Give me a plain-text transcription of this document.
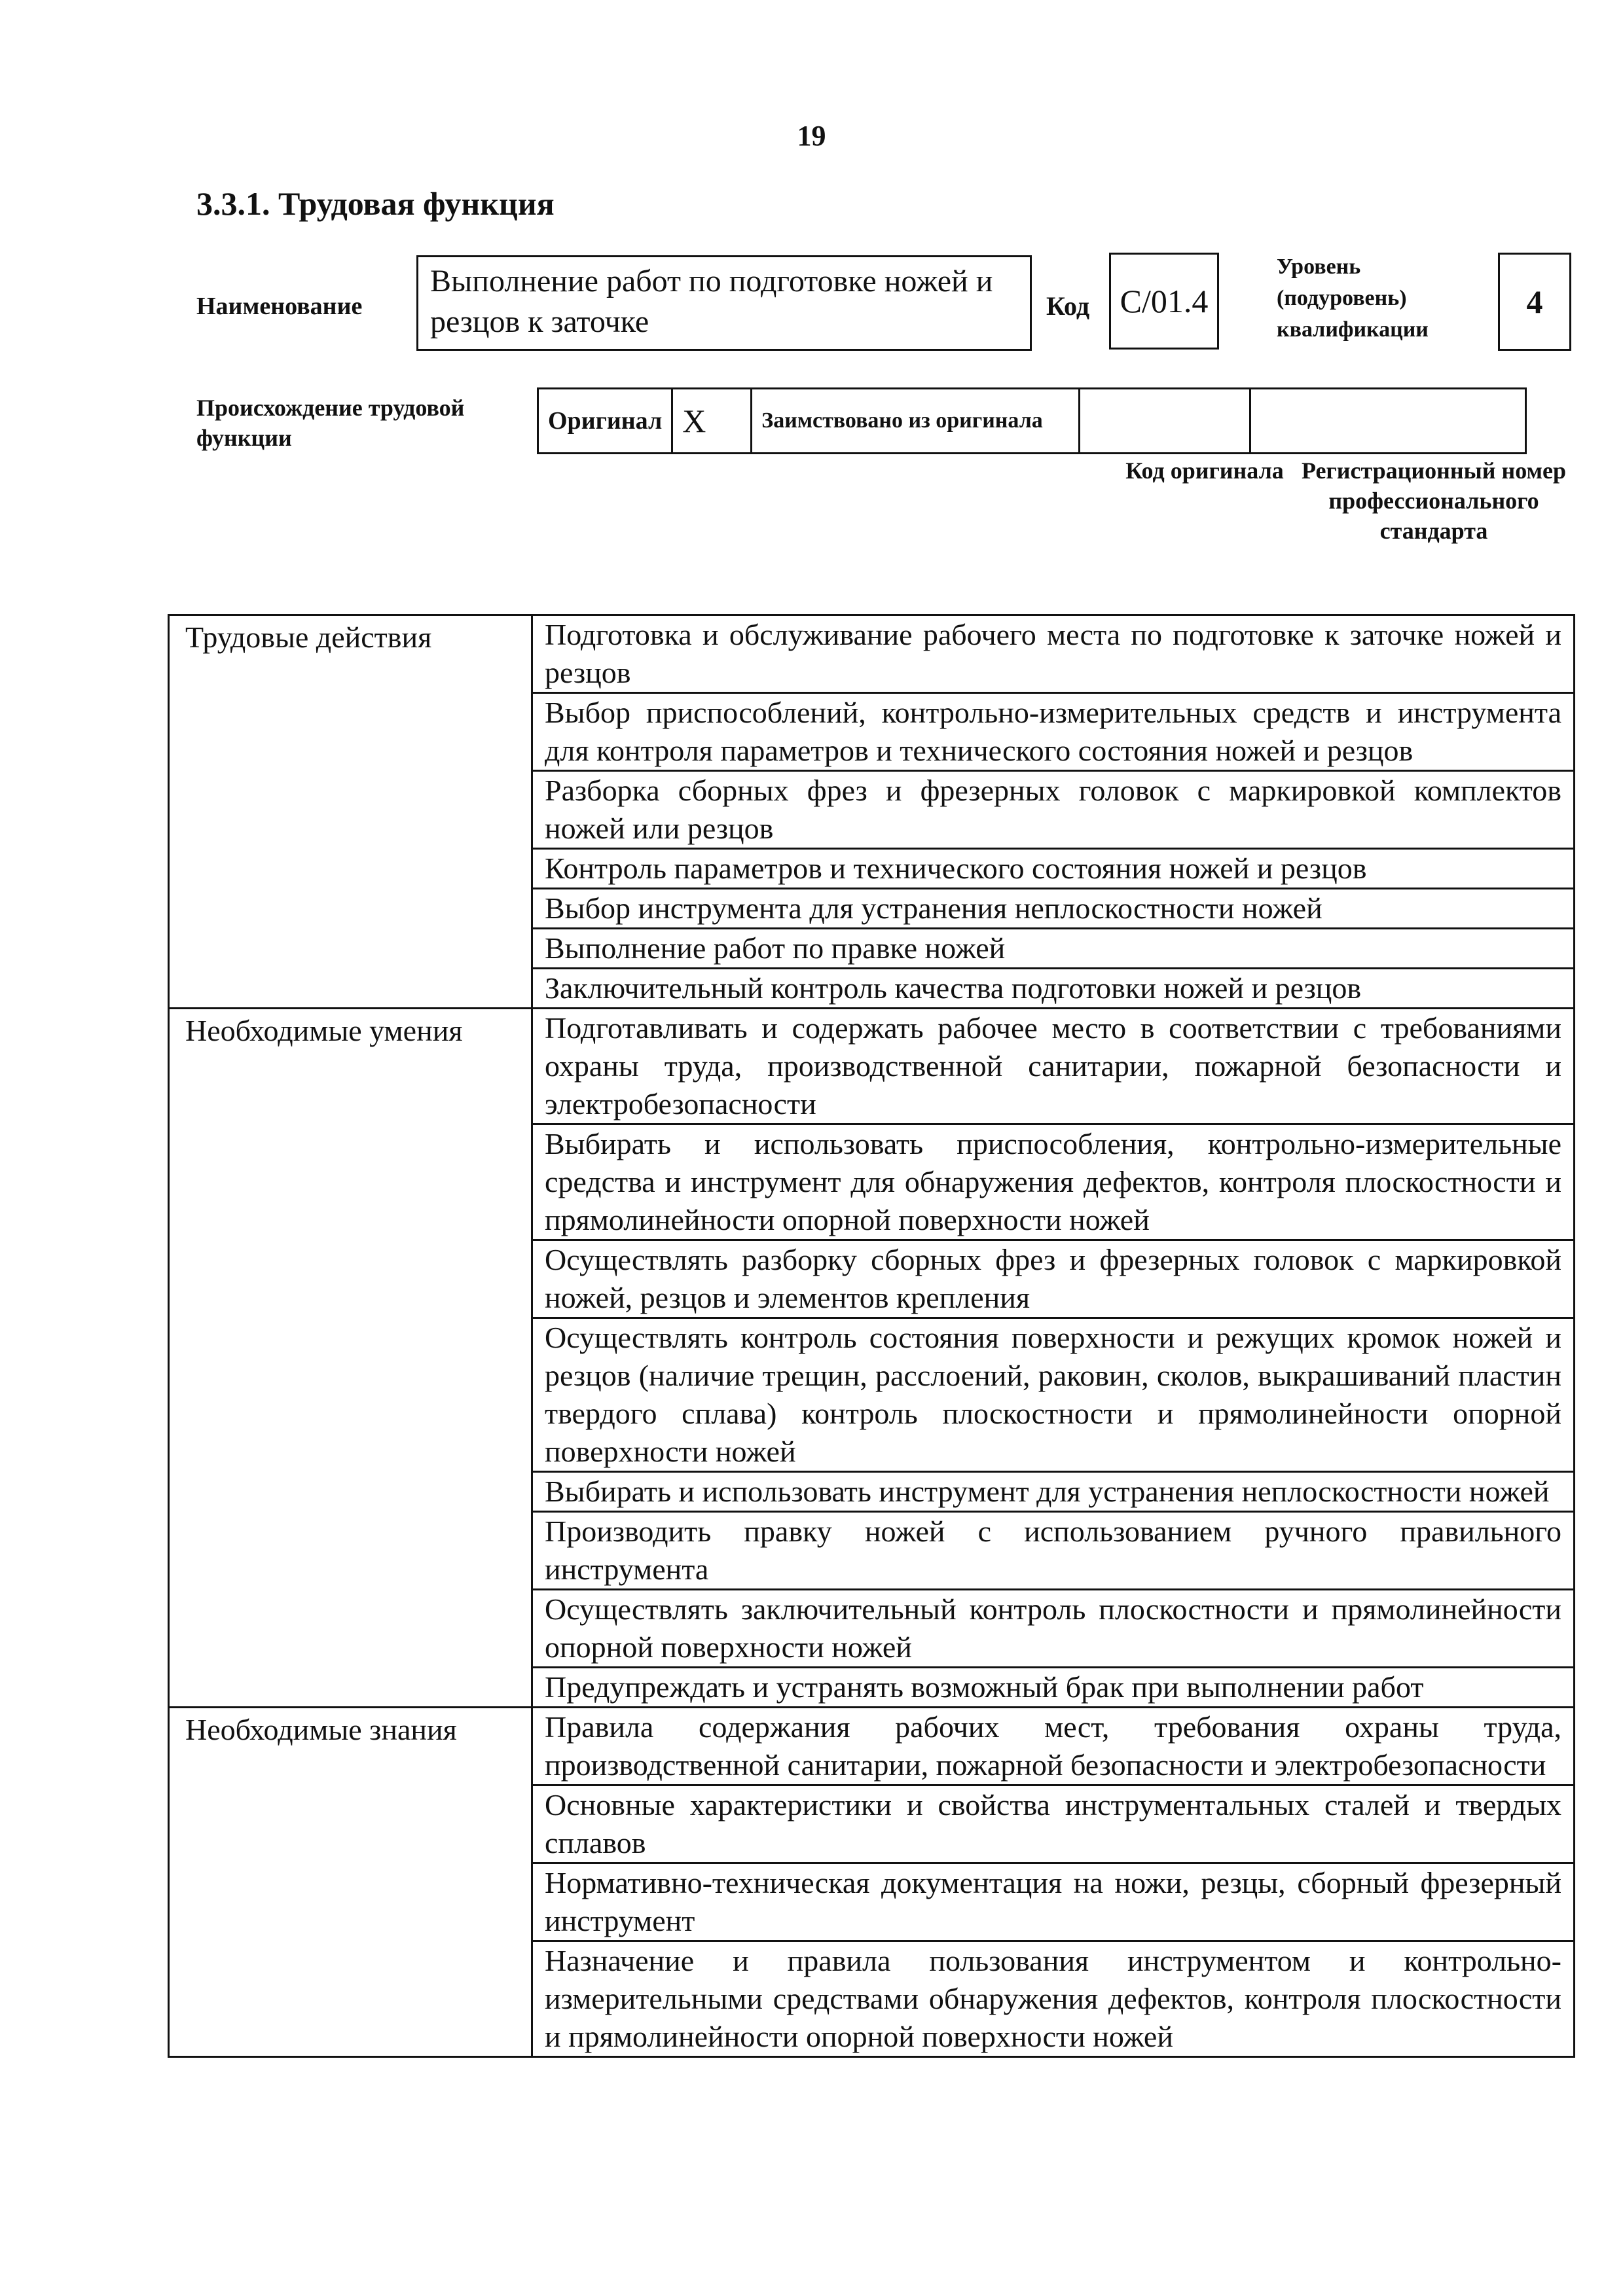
19
3.3.1. Трудовая функция
Наименование
Выполнение работ по подготовке ножей и резцов к заточке	Код С/01.4
Уровень (подуровень) квалификации
4
Происхождение трудовой функции
Оригинал	X	Заимствовано из оригинала		
Код оригинала Регистрационный номер профессионального стандарта
Трудовые действия	Подготовка и обслуживание рабочего места по подготовке к заточке ножей и резцов
	Выбор приспособлений, контрольно-измерительных средств и инструмента для контроля параметров и технического состояния ножей и резцов
	Разборка сборных фрез и фрезерных головок с маркировкой комплектов ножей или резцов
	Контроль параметров и технического состояния ножей и резцов
	Выбор инструмента для устранения неплоскостности ножей
	Выполнение работ по правке ножей
	Заключительный контроль качества подготовки ножей и резцов
Необходимые умения	Подготавливать и содержать рабочее место в соответствии с требованиями охраны труда, производственной санитарии, пожарной безопасности и электробезопасности
	Выбирать и использовать приспособления, контрольно-измерительные средства и инструмент для обнаружения дефектов, контроля плоскостности и прямолинейности опорной поверхности ножей
	Осуществлять разборку сборных фрез и фрезерных головок с маркировкой ножей, резцов и элементов крепления
	Осуществлять контроль состояния поверхности и режущих кромок ножей и резцов (наличие трещин, расслоений, раковин, сколов, выкрашиваний пластин твердого сплава) контроль плоскостности и прямолинейности опорной поверхности ножей
	Выбирать и использовать инструмент для устранения неплоскостности ножей
	Производить правку ножей с использованием ручного правильного инструмента
	Осуществлять заключительный контроль плоскостности и прямолинейности опорной поверхности ножей
	Предупреждать и устранять возможный брак при выполнении работ
Необходимые знания	Правила содержания рабочих мест, требования охраны труда, производственной санитарии, пожарной безопасности и электробезопасности
	Основные характеристики и свойства инструментальных сталей и твердых сплавов
	Нормативно-техническая документация на ножи, резцы, сборный фрезерный инструмент
	Назначение и правила пользования инструментом и контрольно-измерительными средствами обнаружения дефектов, контроля плоскостности и прямолинейности опорной поверхности ножей
